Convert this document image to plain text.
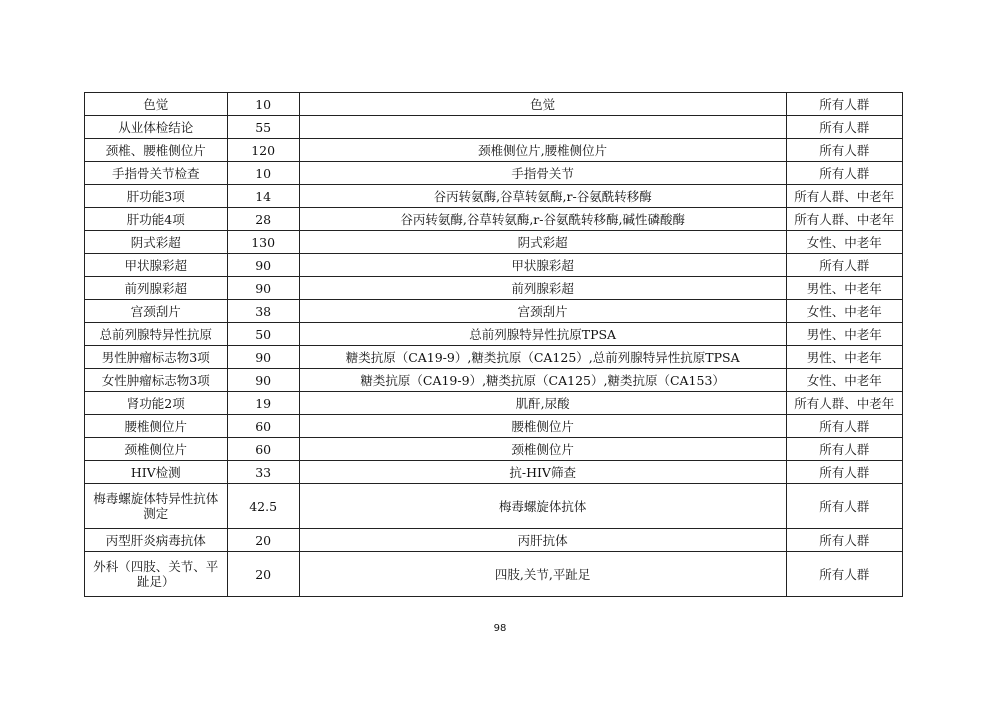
色觉	10	色觉	所有人群
从业体检结论	55		所有人群
颈椎、腰椎侧位片	120	颈椎侧位片,腰椎侧位片	所有人群
手指骨关节检查	10	手指骨关节	所有人群
肝功能3项	14	谷丙转氨酶,谷草转氨酶,r-谷氨酰转移酶	所有人群、中老年
肝功能4项	28	谷丙转氨酶,谷草转氨酶,r-谷氨酰转移酶,碱性磷酸酶	所有人群、中老年
阴式彩超	130	阴式彩超	女性、中老年
甲状腺彩超	90	甲状腺彩超	所有人群
前列腺彩超	90	前列腺彩超	男性、中老年
宫颈刮片	38	宫颈刮片	女性、中老年
总前列腺特异性抗原	50	总前列腺特异性抗原TPSA	男性、中老年
男性肿瘤标志物3项	90	糖类抗原（CA19-9）,糖类抗原（CA125）,总前列腺特异性抗原TPSA	男性、中老年
女性肿瘤标志物3项	90	糖类抗原（CA19-9）,糖类抗原（CA125）,糖类抗原（CA153）	女性、中老年
肾功能2项	19	肌酐,尿酸	所有人群、中老年
腰椎侧位片	60	腰椎侧位片	所有人群
颈椎侧位片	60	颈椎侧位片	所有人群
HIV检测	33	抗-HIV筛查	所有人群
梅毒螺旋体特异性抗体测定	42.5	梅毒螺旋体抗体	所有人群
丙型肝炎病毒抗体	20	丙肝抗体	所有人群
外科（四肢、关节、平趾足）	20	四肢,关节,平趾足	所有人群
98
